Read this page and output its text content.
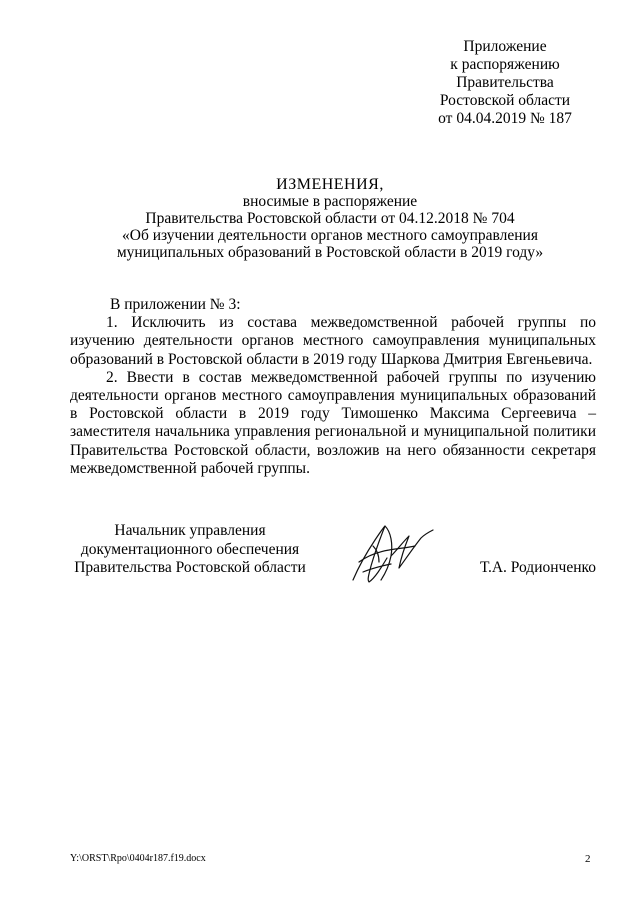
Приложение
к распоряжению
Правительства
Ростовской области
от 04.04.2019 № 187
ИЗМЕНЕНИЯ,
вносимые в распоряжение
Правительства Ростовской области от 04.12.2018 № 704
«Об изучении деятельности органов местного самоуправления
муниципальных образований в Ростовской области в 2019 году»

В приложении № 3:

1. Исключить из состава межведомственной рабочей группы по изучению деятельности органов местного самоуправления муниципальных образований в Ростовской области в 2019 году Шаркова Дмитрия Евгеньевича.

2. Ввести в состав межведомственной рабочей группы по изучению деятельности органов местного самоуправления муниципальных образований в Ростовской области в 2019 году Тимошенко Максима Сергеевича – заместителя начальника управления региональной и муниципальной политики Правительства Ростовской области, возложив на него обязанности секретаря межведомственной рабочей группы.

Начальник управления
документационного обеспечения
Правительства Ростовской области	Т.А. Родионченко
Y:\ORST\Rpo\0404r187.f19.docx	2
